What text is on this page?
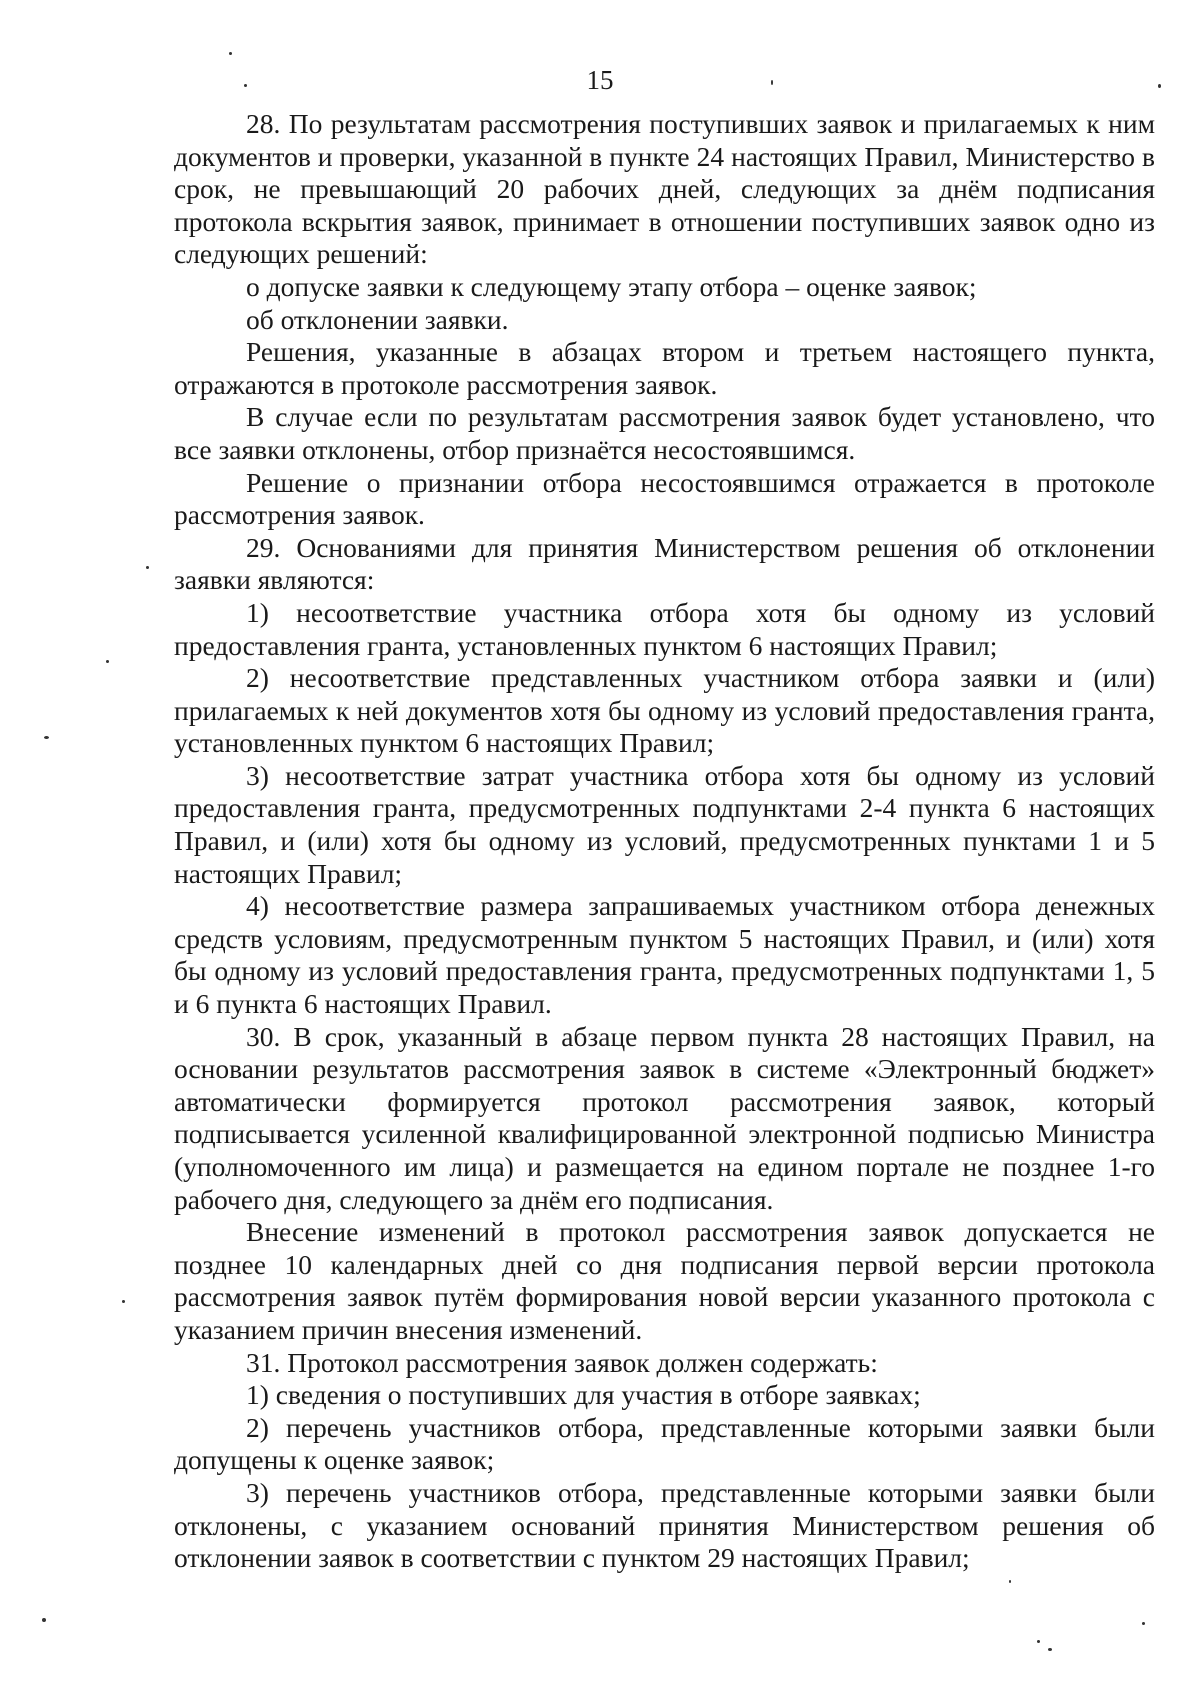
15

28. По результатам рассмотрения поступивших заявок и прилагаемых к ним документов и проверки, указанной в пункте 24 настоящих Правил, Министерство в срок, не превышающий 20 рабочих дней, следующих за днём подписания протокола вскрытия заявок, принимает в отношении поступивших заявок одно из следующих решений:

о допуске заявки к следующему этапу отбора – оценке заявок;

об отклонении заявки.

Решения, указанные в абзацах втором и третьем настоящего пункта, отражаются в протоколе рассмотрения заявок.

В случае если по результатам рассмотрения заявок будет установлено, что все заявки отклонены, отбор признаётся несостоявшимся.

Решение о признании отбора несостоявшимся отражается в протоколе рассмотрения заявок.

29. Основаниями для принятия Министерством решения об отклонении заявки являются:

1) несоответствие участника отбора хотя бы одному из условий предоставления гранта, установленных пунктом 6 настоящих Правил;

2) несоответствие представленных участником отбора заявки и (или) прилагаемых к ней документов хотя бы одному из условий предоставления гранта, установленных пунктом 6 настоящих Правил;

3) несоответствие затрат участника отбора хотя бы одному из условий предоставления гранта, предусмотренных подпунктами 2-4 пункта 6 настоящих Правил, и (или) хотя бы одному из условий, предусмотренных пунктами 1 и 5 настоящих Правил;

4) несоответствие размера запрашиваемых участником отбора денежных средств условиям, предусмотренным пунктом 5 настоящих Правил, и (или) хотя бы одному из условий предоставления гранта, предусмотренных подпунктами 1, 5 и 6 пункта 6 настоящих Правил.

30. В срок, указанный в абзаце первом пункта 28 настоящих Правил, на основании результатов рассмотрения заявок в системе «Электронный бюджет» автоматически формируется протокол рассмотрения заявок, который подписывается усиленной квалифицированной электронной подписью Министра (уполномоченного им лица) и размещается на едином портале не позднее 1-го рабочего дня, следующего за днём его подписания.

Внесение изменений в протокол рассмотрения заявок допускается не позднее 10 календарных дней со дня подписания первой версии протокола рассмотрения заявок путём формирования новой версии указанного протокола с указанием причин внесения изменений.

31. Протокол рассмотрения заявок должен содержать:

1) сведения о поступивших для участия в отборе заявках;

2) перечень участников отбора, представленные которыми заявки были допущены к оценке заявок;

3) перечень участников отбора, представленные которыми заявки были отклонены, с указанием оснований принятия Министерством решения об отклонении заявок в соответствии с пунктом 29 настоящих Правил;
